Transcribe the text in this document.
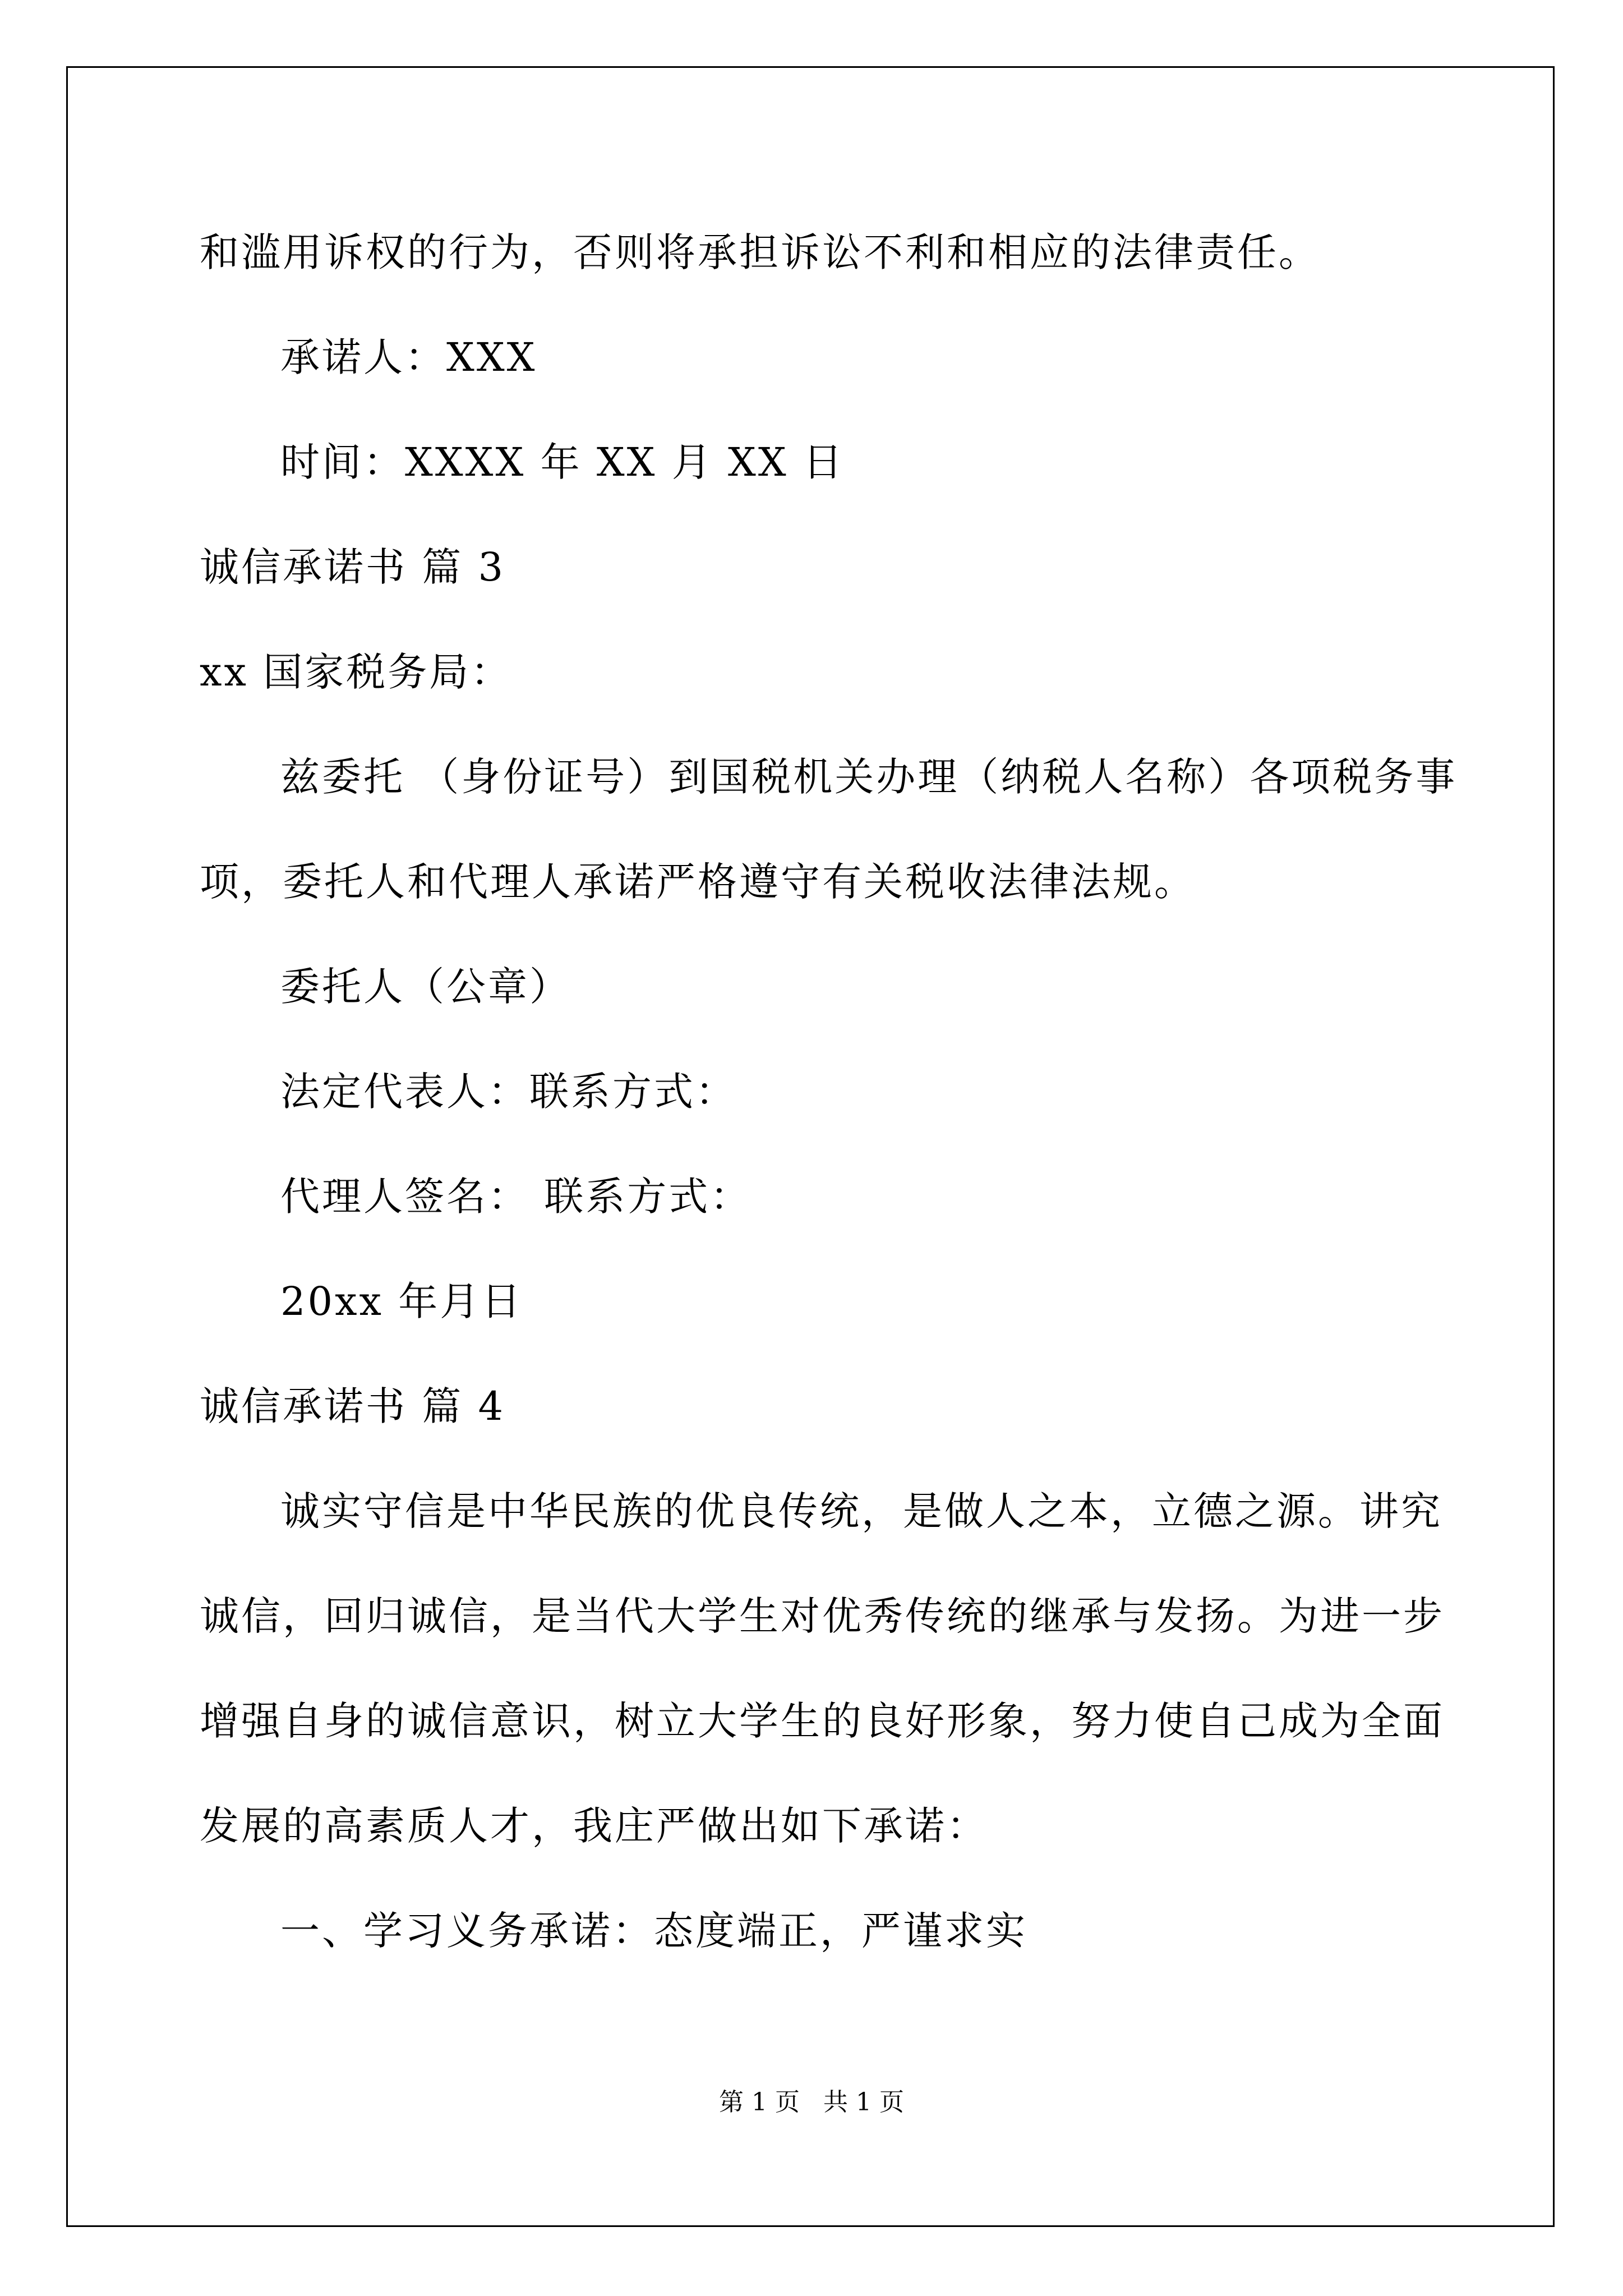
和滥用诉权的行为，否则将承担诉讼不利和相应的法律责任。
承诺人：XXX
时间：XXXX 年 XX 月 XX 日
诚信承诺书 篇 3
xx 国家税务局：
兹委托 （身份证号）到国税机关办理（纳税人名称）各项税务事
项，委托人和代理人承诺严格遵守有关税收法律法规。
委托人（公章）
法定代表人：联系方式：
代理人签名： 联系方式：
20xx 年月日
诚信承诺书 篇 4
诚实守信是中华民族的优良传统，是做人之本，立德之源。讲究
诚信，回归诚信，是当代大学生对优秀传统的继承与发扬。为进一步
增强自身的诚信意识，树立大学生的良好形象，努力使自己成为全面
发展的高素质人才，我庄严做出如下承诺：
一、学习义务承诺：态度端正，严谨求实
第 1 页   共 1 页
